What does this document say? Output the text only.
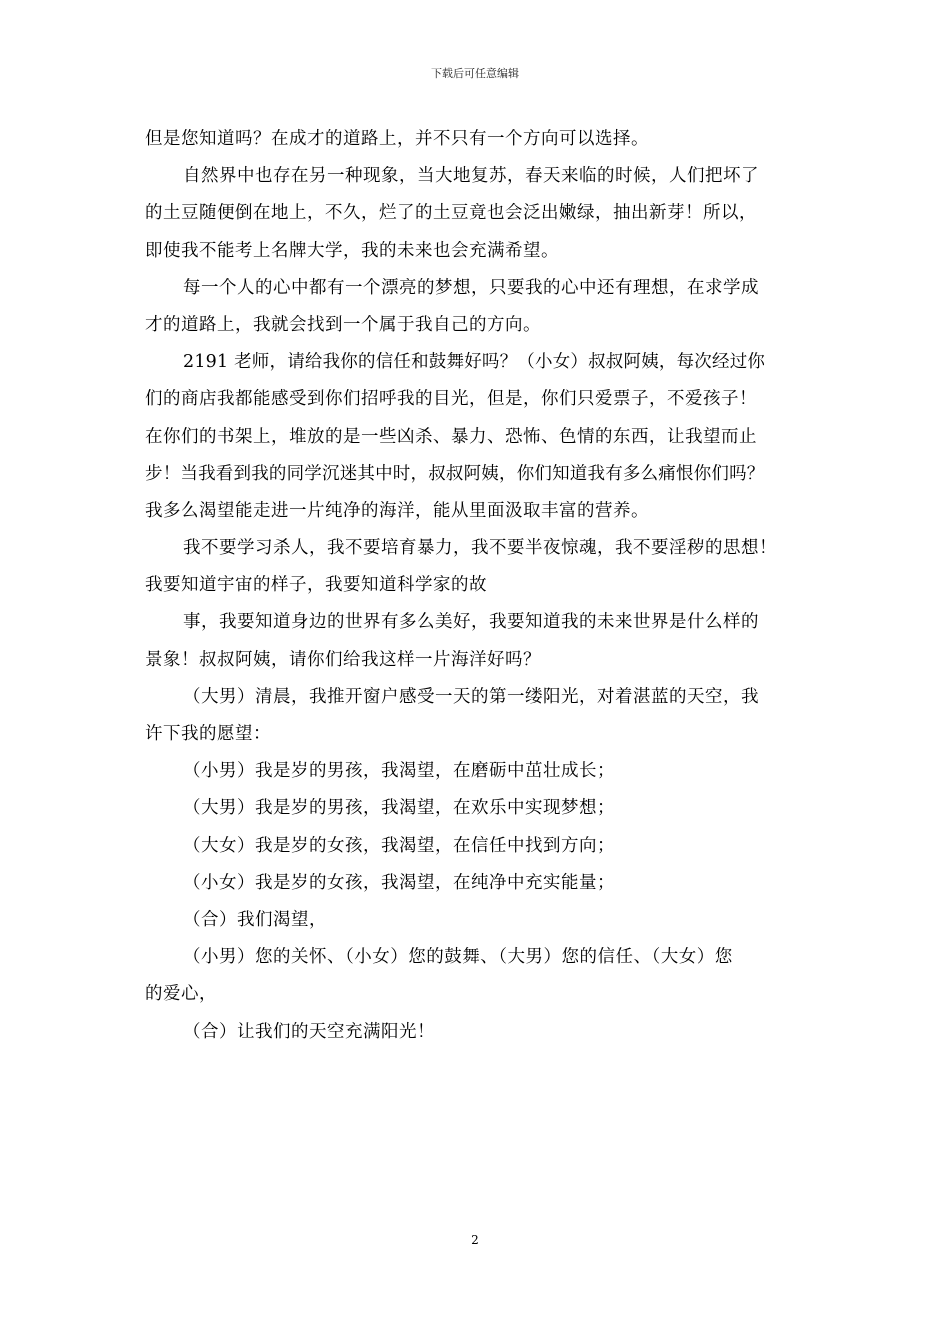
下载后可任意编辑
但是您知道吗？在成才的道路上，并不只有一个方向可以选择。
自然界中也存在另一种现象，当大地复苏，春天来临的时候，人们把坏了
的土豆随便倒在地上，不久，烂了的土豆竟也会泛出嫩绿，抽出新芽！所以，
即使我不能考上名牌大学，我的未来也会充满希望。
每一个人的心中都有一个漂亮的梦想，只要我的心中还有理想，在求学成
才的道路上，我就会找到一个属于我自己的方向。
2191 老师，请给我你的信任和鼓舞好吗？（小女）叔叔阿姨，每次经过你
们的商店我都能感受到你们招呼我的目光，但是，你们只爱票子，不爱孩子！
在你们的书架上，堆放的是一些凶杀、暴力、恐怖、色情的东西，让我望而止
步！当我看到我的同学沉迷其中时，叔叔阿姨，你们知道我有多么痛恨你们吗？
我多么渴望能走进一片纯净的海洋，能从里面汲取丰富的营养。
我不要学习杀人，我不要培育暴力，我不要半夜惊魂，我不要淫秽的思想！
我要知道宇宙的样子，我要知道科学家的故
事，我要知道身边的世界有多么美好，我要知道我的未来世界是什么样的
景象！叔叔阿姨，请你们给我这样一片海洋好吗？
（大男）清晨，我推开窗户感受一天的第一缕阳光，对着湛蓝的天空，我
许下我的愿望：
（小男）我是岁的男孩，我渴望，在磨砺中茁壮成长；
（大男）我是岁的男孩，我渴望，在欢乐中实现梦想；
（大女）我是岁的女孩，我渴望，在信任中找到方向；
（小女）我是岁的女孩，我渴望，在纯净中充实能量；
（合）我们渴望，
（小男）您的关怀、（小女）您的鼓舞、（大男）您的信任、（大女）您
的爱心，
（合）让我们的天空充满阳光！
2
